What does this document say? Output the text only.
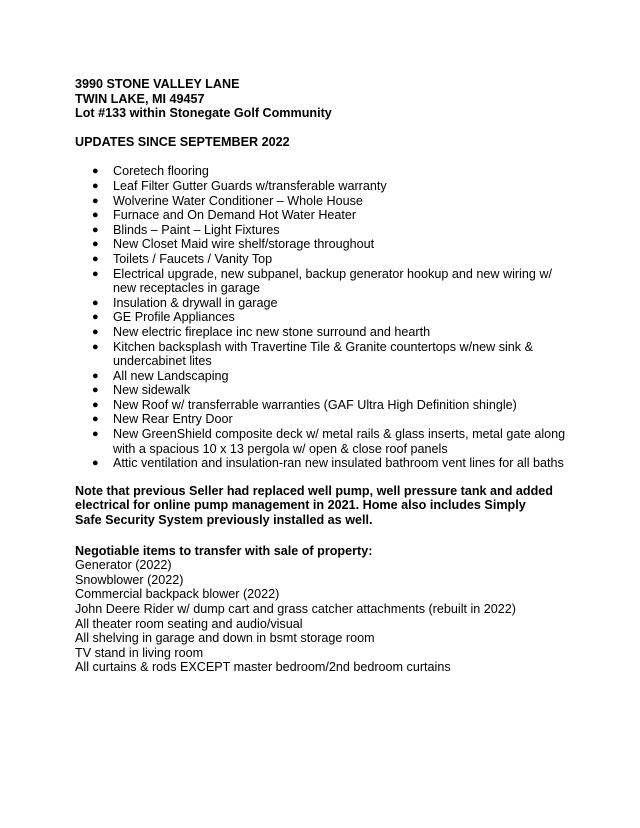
3990 STONE VALLEY LANE
TWIN LAKE, MI 49457
Lot #133 within Stonegate Golf Community
UPDATES SINCE SEPTEMBER 2022
● Coretech flooring
● Leaf Filter Gutter Guards w/transferable warranty
● Wolverine Water Conditioner – Whole House
● Furnace and On Demand Hot Water Heater
● Blinds – Paint – Light Fixtures
● New Closet Maid wire shelf/storage throughout
● Toilets / Faucets / Vanity Top
● Electrical upgrade, new subpanel, backup generator hookup and new wiring w/ new receptacles in garage
● Insulation & drywall in garage
● GE Profile Appliances
● New electric fireplace inc new stone surround and hearth
● Kitchen backsplash with Travertine Tile & Granite countertops w/new sink & undercabinet lites
● All new Landscaping
● New sidewalk
● New Roof w/ transferrable warranties (GAF Ultra High Definition shingle)
● New Rear Entry Door
● New GreenShield composite deck w/ metal rails & glass inserts, metal gate along with a spacious 10 x 13 pergola w/ open & close roof panels
● Attic ventilation and insulation-ran new insulated bathroom vent lines for all baths
Note that previous Seller had replaced well pump, well pressure tank and added electrical for online pump management in 2021. Home also includes Simply Safe Security System previously installed as well.
Negotiable items to transfer with sale of property:
Generator (2022)
Snowblower (2022)
Commercial backpack blower (2022)
John Deere Rider w/ dump cart and grass catcher attachments (rebuilt in 2022)
All theater room seating and audio/visual
All shelving in garage and down in bsmt storage room
TV stand in living room
All curtains & rods EXCEPT master bedroom/2nd bedroom curtains
